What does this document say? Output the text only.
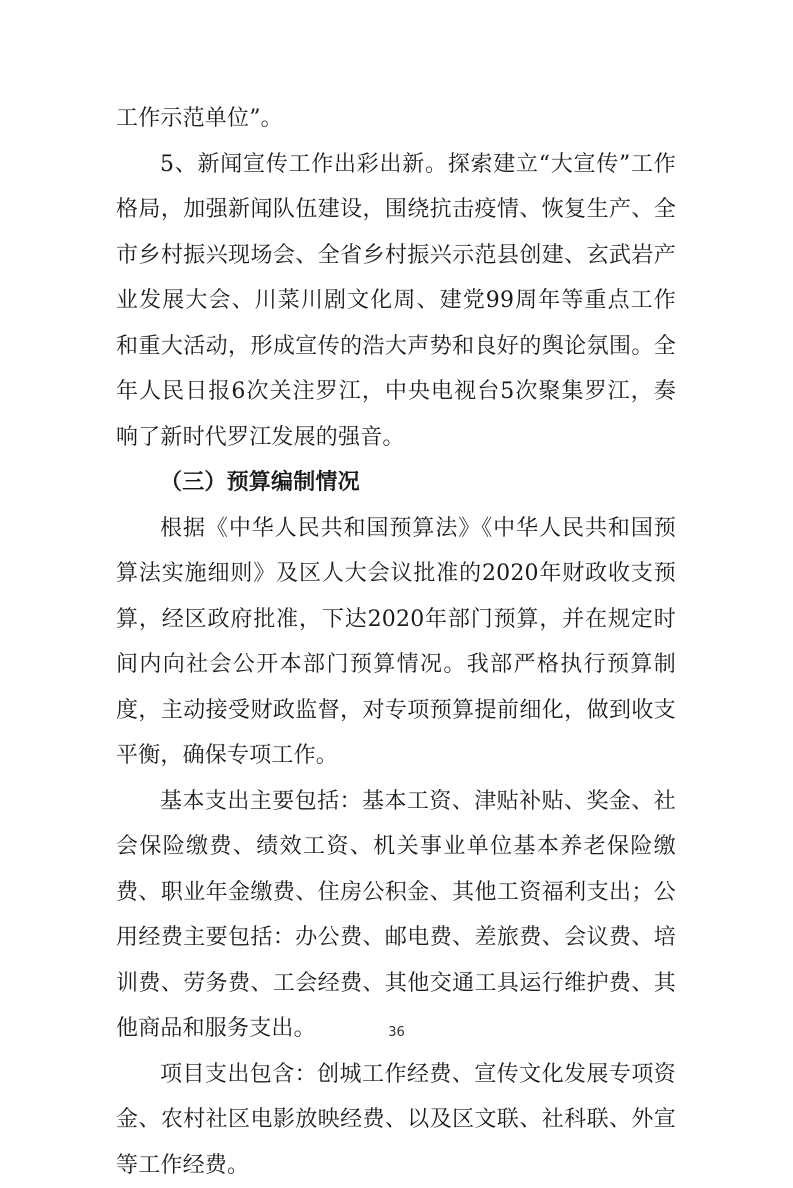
工作示范单位”。

5、新闻宣传工作出彩出新。探索建立“大宣传”工作格局，加强新闻队伍建设，围绕抗击疫情、恢复生产、全市乡村振兴现场会、全省乡村振兴示范县创建、玄武岩产业发展大会、川菜川剧文化周、建党99周年等重点工作和重大活动，形成宣传的浩大声势和良好的舆论氛围。全年人民日报6次关注罗江，中央电视台5次聚集罗江，奏响了新时代罗江发展的强音。

（三）预算编制情况

根据《中华人民共和国预算法》《中华人民共和国预算法实施细则》及区人大会议批准的2020年财政收支预算，经区政府批准，下达2020年部门预算，并在规定时间内向社会公开本部门预算情况。我部严格执行预算制度，主动接受财政监督，对专项预算提前细化，做到收支平衡，确保专项工作。

基本支出主要包括：基本工资、津贴补贴、奖金、社会保险缴费、绩效工资、机关事业单位基本养老保险缴费、职业年金缴费、住房公积金、其他工资福利支出；公用经费主要包括：办公费、邮电费、差旅费、会议费、培训费、劳务费、工会经费、其他交通工具运行维护费、其他商品和服务支出。

项目支出包含：创城工作经费、宣传文化发展专项资金、农村社区电影放映经费、以及区文联、社科联、外宣等工作经费。

36
